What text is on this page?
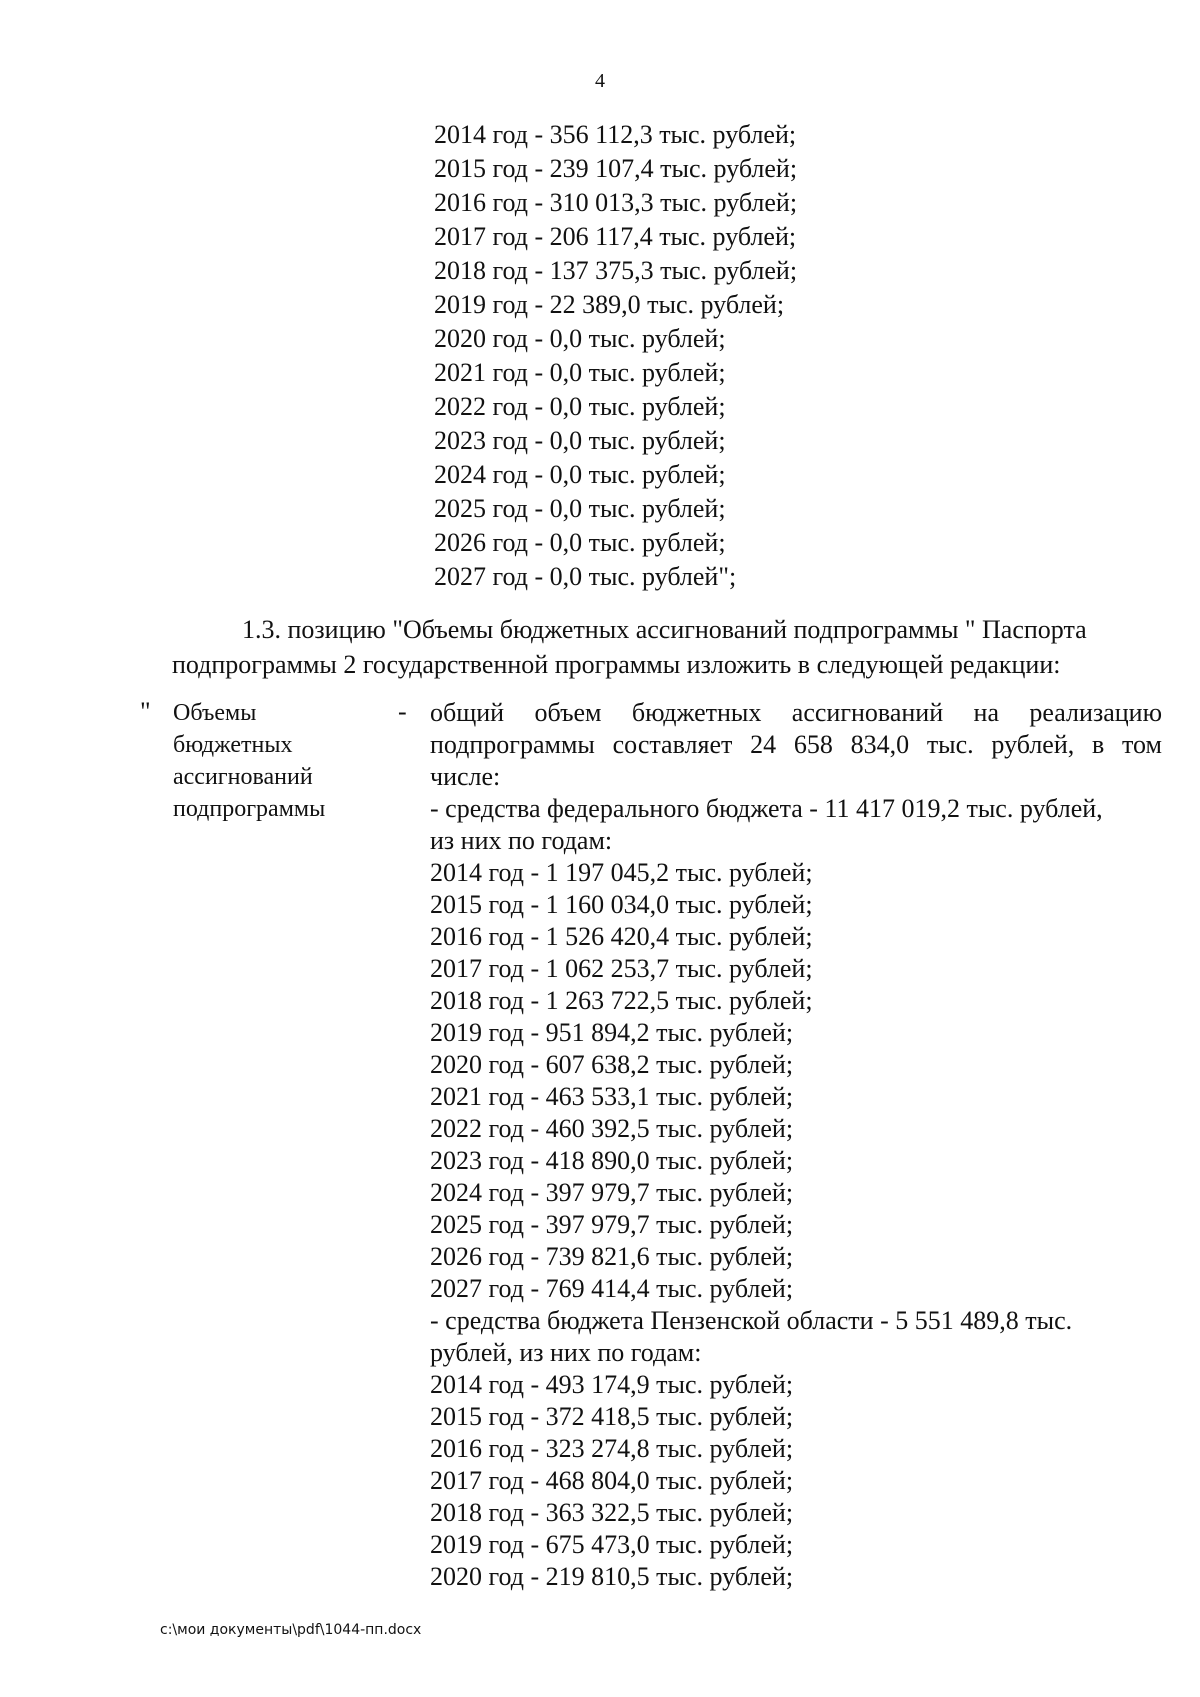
4
2014 год - 356 112,3 тыс. рублей;
2015 год - 239 107,4 тыс. рублей;
2016 год - 310 013,3 тыс. рублей;
2017 год - 206 117,4 тыс. рублей;
2018 год - 137 375,3 тыс. рублей;
2019 год - 22 389,0 тыс. рублей;
2020 год - 0,0 тыс. рублей;
2021 год - 0,0 тыс. рублей;
2022 год - 0,0 тыс. рублей;
2023 год - 0,0 тыс. рублей;
2024 год - 0,0 тыс. рублей;
2025 год - 0,0 тыс. рублей;
2026 год - 0,0 тыс. рублей;
2027 год - 0,0 тыс. рублей";
1.3. позицию "Объемы бюджетных ассигнований подпрограммы " Паспорта
подпрограммы 2 государственной программы изложить в следующей редакции:
" Объемы
бюджетных
ассигнований
подпрограммы
- общий объем бюджетных ассигнований на реализацию
подпрограммы составляет 24 658 834,0 тыс. рублей, в том
числе:
- средства федерального бюджета - 11 417 019,2 тыс. рублей,
из них по годам:
2014 год - 1 197 045,2 тыс. рублей;
2015 год - 1 160 034,0 тыс. рублей;
2016 год - 1 526 420,4 тыс. рублей;
2017 год - 1 062 253,7 тыс. рублей;
2018 год - 1 263 722,5 тыс. рублей;
2019 год - 951 894,2 тыс. рублей;
2020 год - 607 638,2 тыс. рублей;
2021 год - 463 533,1 тыс. рублей;
2022 год - 460 392,5 тыс. рублей;
2023 год - 418 890,0 тыс. рублей;
2024 год - 397 979,7 тыс. рублей;
2025 год - 397 979,7 тыс. рублей;
2026 год - 739 821,6 тыс. рублей;
2027 год - 769 414,4 тыс. рублей;
- средства бюджета Пензенской области - 5 551 489,8 тыс.
рублей, из них по годам:
2014 год - 493 174,9 тыс. рублей;
2015 год - 372 418,5 тыс. рублей;
2016 год - 323 274,8 тыс. рублей;
2017 год - 468 804,0 тыс. рублей;
2018 год - 363 322,5 тыс. рублей;
2019 год - 675 473,0 тыс. рублей;
2020 год - 219 810,5 тыс. рублей;
c:\мои документы\pdf\1044-пп.docx
